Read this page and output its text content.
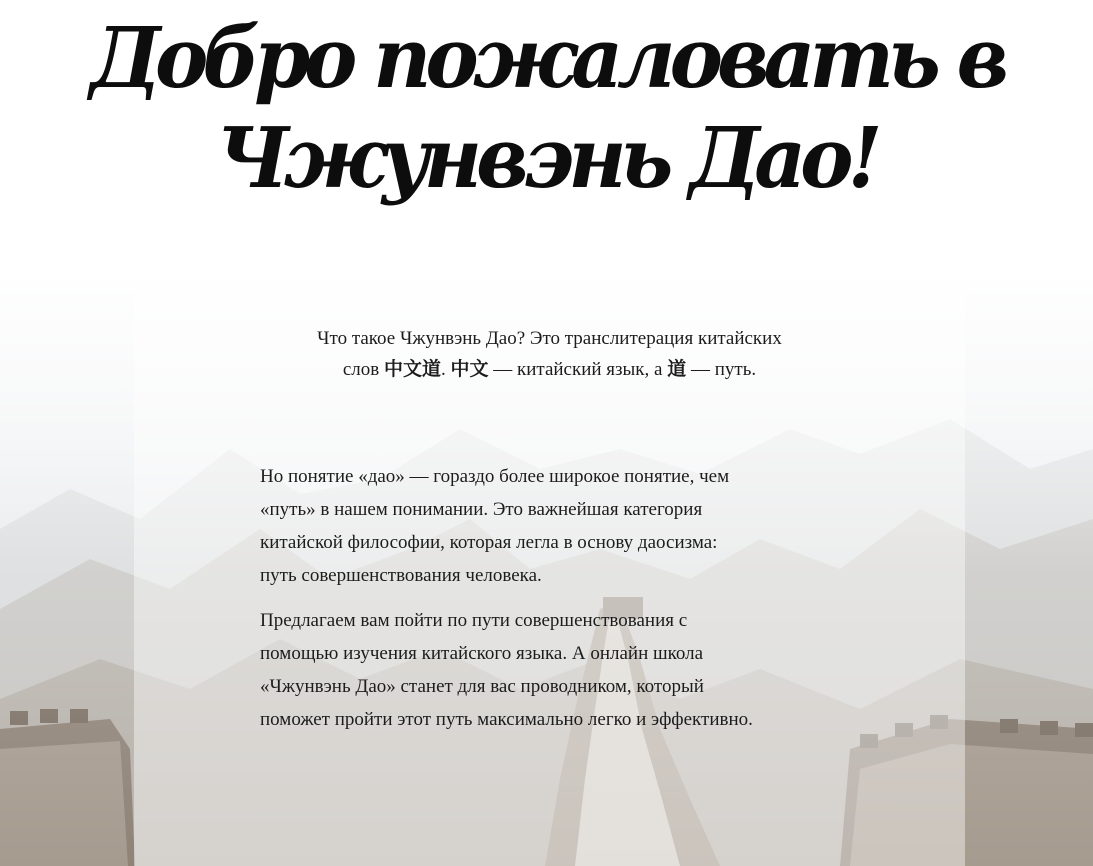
Добро пожаловать в
Чжунвэнь Дао!
Что такое Чжунвэнь Дао? Это транслитерация китайских
слов 中文道. 中文 — китайский язык, а 道 — путь.

Но понятие «дао» — гораздо более широкое понятие, чем
«путь» в нашем понимании. Это важнейшая категория
китайской философии, которая легла в основу даосизма:
путь совершенствования человека.

Предлагаем вам пойти по пути совершенствования с
помощью изучения китайского языка. А онлайн школа
«Чжунвэнь Дао» станет для вас проводником, который
поможет пройти этот путь максимально легко и эффективно.
